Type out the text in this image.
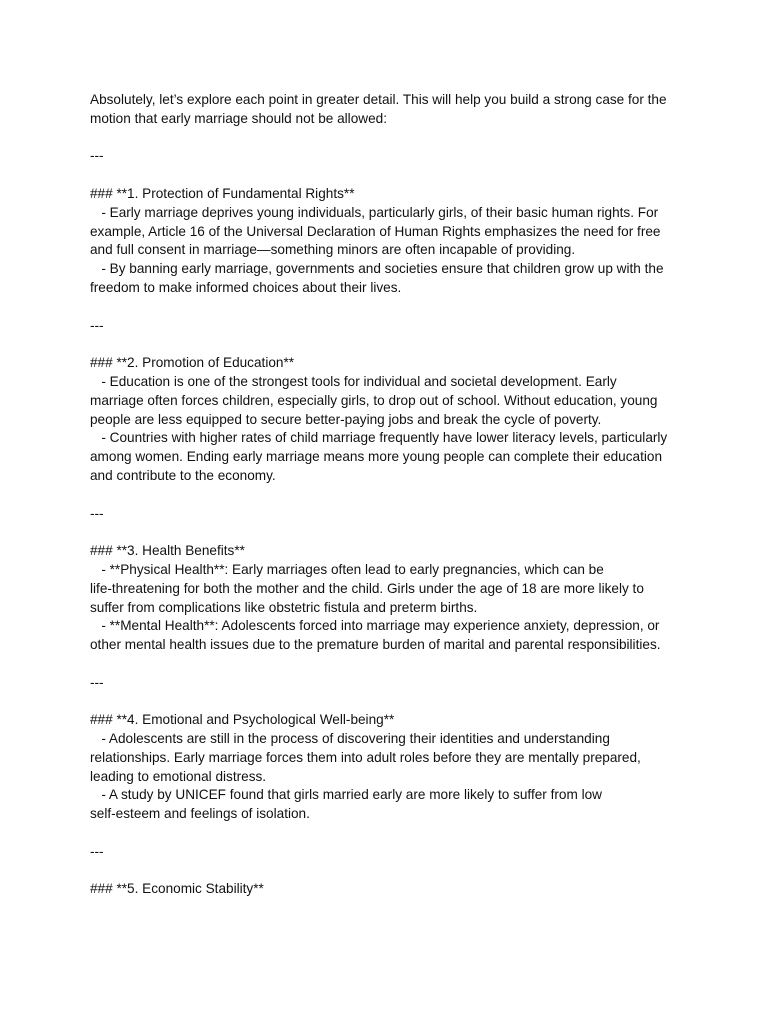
Absolutely, let’s explore each point in greater detail. This will help you build a strong case for the
motion that early marriage should not be allowed:
---
### **1. Protection of Fundamental Rights**
- Early marriage deprives young individuals, particularly girls, of their basic human rights. For
example, Article 16 of the Universal Declaration of Human Rights emphasizes the need for free
and full consent in marriage—something minors are often incapable of providing.
- By banning early marriage, governments and societies ensure that children grow up with the
freedom to make informed choices about their lives.
---
### **2. Promotion of Education**
- Education is one of the strongest tools for individual and societal development. Early
marriage often forces children, especially girls, to drop out of school. Without education, young
people are less equipped to secure better-paying jobs and break the cycle of poverty.
- Countries with higher rates of child marriage frequently have lower literacy levels, particularly
among women. Ending early marriage means more young people can complete their education
and contribute to the economy.
---
### **3. Health Benefits**
- **Physical Health**: Early marriages often lead to early pregnancies, which can be
life-threatening for both the mother and the child. Girls under the age of 18 are more likely to
suffer from complications like obstetric fistula and preterm births.
- **Mental Health**: Adolescents forced into marriage may experience anxiety, depression, or
other mental health issues due to the premature burden of marital and parental responsibilities.
---
### **4. Emotional and Psychological Well-being**
- Adolescents are still in the process of discovering their identities and understanding
relationships. Early marriage forces them into adult roles before they are mentally prepared,
leading to emotional distress.
- A study by UNICEF found that girls married early are more likely to suffer from low
self-esteem and feelings of isolation.
---
### **5. Economic Stability**
